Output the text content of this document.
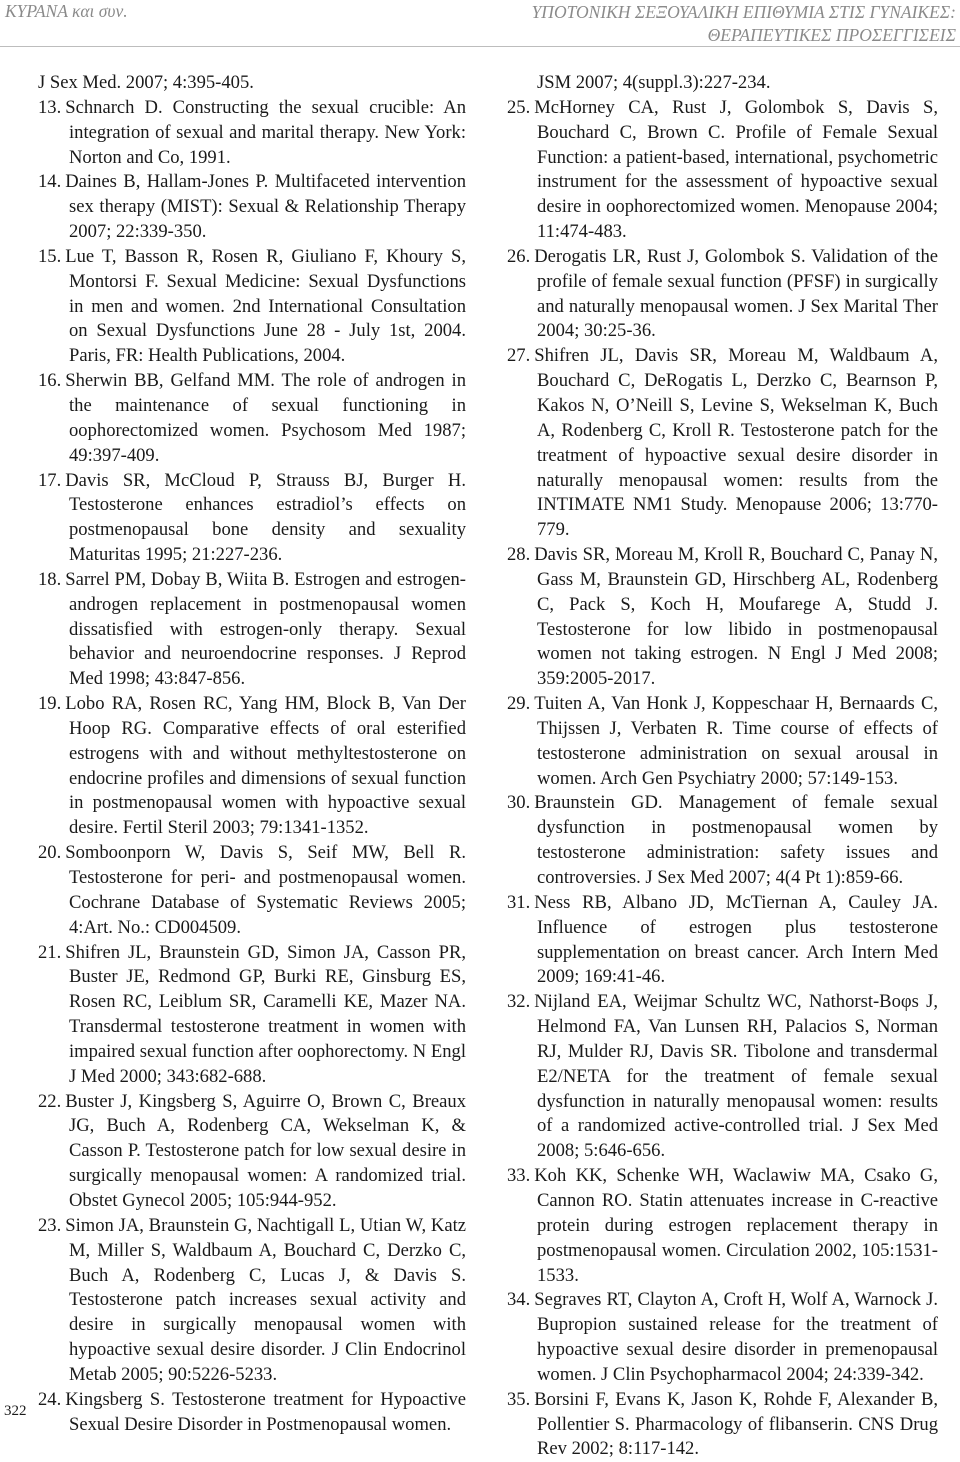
ΚΥΡΑΝΑ και συν.	ΥΠΟΤΟΝΙΚΗ ΣΕΞΟΥΑΛΙΚΗ ΕΠΙΘΥΜΙΑ ΣΤΙΣ ΓΥΝΑΙΚΕΣ:
ΘΕΡΑΠΕΥΤΙΚΕΣ ΠΡΟΣΕΓΓΙΣΕΙΣ

J Sex Med. 2007; 4:395-405.

13. Schnarch D. Constructing the sexual crucible: An integration of sexual and marital therapy. New York: Norton and Co, 1991.

14. Daines B, Hallam-Jones P. Multifaceted intervention sex therapy (MIST): Sexual & Relationship Therapy 2007; 22:339-350.

15. Lue T, Basson R, Rosen R, Giuliano F, Khoury S, Montorsi F. Sexual Medicine: Sexual Dysfunctions in men and women. 2nd International Consultation on Sexual Dysfunctions June 28 - July 1st, 2004. Paris, FR: Health Publications, 2004.

16. Sherwin BB, Gelfand MM. The role of androgen in the maintenance of sexual functioning in oophorectomized women. Psychosom Med 1987; 49:397-409.

17. Davis SR, McCloud P, Strauss BJ, Burger H. Testosterone enhances estradiol’s effects on postmenopausal bone density and sexuality Maturitas 1995; 21:227-236.

18. Sarrel PM, Dobay B, Wiita B. Estrogen and estrogen-androgen replacement in postmenopausal women dissatisfied with estrogen-only therapy. Sexual behavior and neuroendocrine responses. J Reprod Med 1998; 43:847-856.

19. Lobo RA, Rosen RC, Yang HM, Block B, Van Der Hoop RG. Comparative effects of oral esterified estrogens with and without methyltestosterone on endocrine profiles and dimensions of sexual function in postmenopausal women with hypoactive sexual desire. Fertil Steril 2003; 79:1341-1352.

20. Somboonporn W, Davis S, Seif MW, Bell R. Testosterone for peri- and postmenopausal women. Cochrane Database of Systematic Reviews 2005; 4:Art. No.: CD004509.

21. Shifren JL, Braunstein GD, Simon JA, Casson PR, Buster JE, Redmond GP, Burki RE, Ginsburg ES, Rosen RC, Leiblum SR, Caramelli KE, Mazer NA. Transdermal testosterone treatment in women with impaired sexual function after oophorectomy. N Engl J Med 2000; 343:682-688.

22. Buster J, Kingsberg S, Aguirre O, Brown C, Breaux JG, Buch A, Rodenberg CA, Wekselman K, & Casson P. Testosterone patch for low sexual desire in surgically menopausal women: A randomized trial. Obstet Gynecol 2005; 105:944-952.

23. Simon JA, Braunstein G, Nachtigall L, Utian W, Katz M, Miller S, Waldbaum A, Bouchard C, Derzko C, Buch A, Rodenberg C, Lucas J, & Davis S. Testosterone patch increases sexual activity and desire in surgically menopausal women with hypoactive sexual desire disorder. J Clin Endocrinol Metab 2005; 90:5226-5233.

24. Kingsberg S. Testosterone treatment for Hypoactive Sexual Desire Disorder in Postmenopausal women.

JSM 2007; 4(suppl.3):227-234.

25. McHorney CA, Rust J, Golombok S, Davis S, Bouchard C, Brown C. Profile of Female Sexual Function: a patient-based, international, psychometric instrument for the assessment of hypoactive sexual desire in oophorectomized women. Menopause 2004; 11:474-483.

26. Derogatis LR, Rust J, Golombok S. Validation of the profile of female sexual function (PFSF) in surgically and naturally menopausal women. J Sex Marital Ther 2004; 30:25-36.

27. Shifren JL, Davis SR, Moreau M, Waldbaum A, Bouchard C, DeRogatis L, Derzko C, Bearnson P, Kakos N, O’Neill S, Levine S, Wekselman K, Buch A, Rodenberg C, Kroll R. Testosterone patch for the treatment of hypoactive sexual desire disorder in naturally menopausal women: results from the INTIMATE NM1 Study. Menopause 2006; 13:770-779.

28. Davis SR, Moreau M, Kroll R, Bouchard C, Panay N, Gass M, Braunstein GD, Hirschberg AL, Rodenberg C, Pack S, Koch H, Moufarege A, Studd J. Testosterone for low libido in postmenopausal women not taking estrogen. N Engl J Med 2008; 359:2005-2017.

29. Tuiten A, Van Honk J, Koppeschaar H, Bernaards C, Thijssen J, Verbaten R. Time course of effects of testosterone administration on sexual arousal in women. Arch Gen Psychiatry 2000; 57:149-153.

30. Braunstein GD. Management of female sexual dysfunction in postmenopausal women by testosterone administration: safety issues and controversies. J Sex Med 2007; 4(4 Pt 1):859-66.

31. Ness RB, Albano JD, McTiernan A, Cauley JA. Influence of estrogen plus testosterone supplementation on breast cancer. Arch Intern Med 2009; 169:41-46.

32. Nijland EA, Weijmar Schultz WC, Nathorst-Boφs J, Helmond FA, Van Lunsen RH, Palacios S, Norman RJ, Mulder RJ, Davis SR. Tibolone and transdermal E2/NETA for the treatment of female sexual dysfunction in naturally menopausal women: results of a randomized active-controlled trial. J Sex Med 2008; 5:646-656.

33. Koh KK, Schenke WH, Waclawiw MA, Csako G, Cannon RO. Statin attenuates increase in C-reactive protein during estrogen replacement therapy in postmenopausal women. Circulation 2002, 105:1531-1533.

34. Segraves RT, Clayton A, Croft H, Wolf A, Warnock J. Bupropion sustained release for the treatment of hypoactive sexual desire disorder in premenopausal women. J Clin Psychopharmacol 2004; 24:339-342.

35. Borsini F, Evans K, Jason K, Rohde F, Alexander B, Pollentier S. Pharmacology of flibanserin. CNS Drug Rev 2002; 8:117-142.

322
